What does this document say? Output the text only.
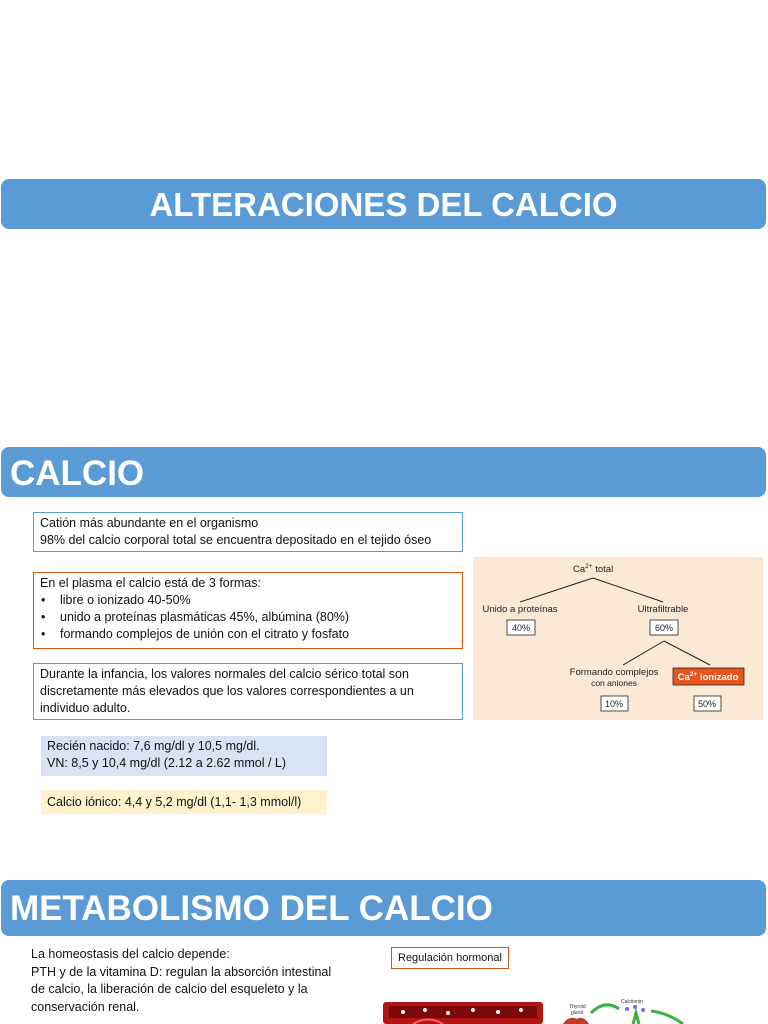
ALTERACIONES DEL CALCIO
CALCIO
Catión más abundante en el organismo
98% del calcio corporal total se encuentra depositado en el tejido óseo
En el plasma el calcio está de 3 formas:
• libre o ionizado 40-50%
• unido a proteínas plasmáticas 45%, albúmina (80%)
• formando complejos de unión con el citrato y fosfato
Durante la infancia, los valores normales del calcio sérico total son
discretamente más elevados que los valores correspondientes a un
individuo adulto.
Recién nacido: 7,6 mg/dl y 10,5 mg/dl.
VN: 8,5 y 10,4 mg/dl (2.12 a 2.62 mmol / L)
Calcio iónico: 4,4 y 5,2 mg/dl (1,1- 1,3 mmol/l)
$Ca^{2+}$ total
Unido a proteínas
40%
Ultrafiltrable
60%
Formando complejos
con aniones	$Ca^{2+}$ ionizado
10%	50%
METABOLISMO DEL CALCIO
La homeostasis del calcio depende:
PTH y de la vitamina D: regulan la absorción intestinal
de calcio, la liberación de calcio del esqueleto y la
conservación renal.
Regulación hormonal
Thyroid
gland
Calcitonin
